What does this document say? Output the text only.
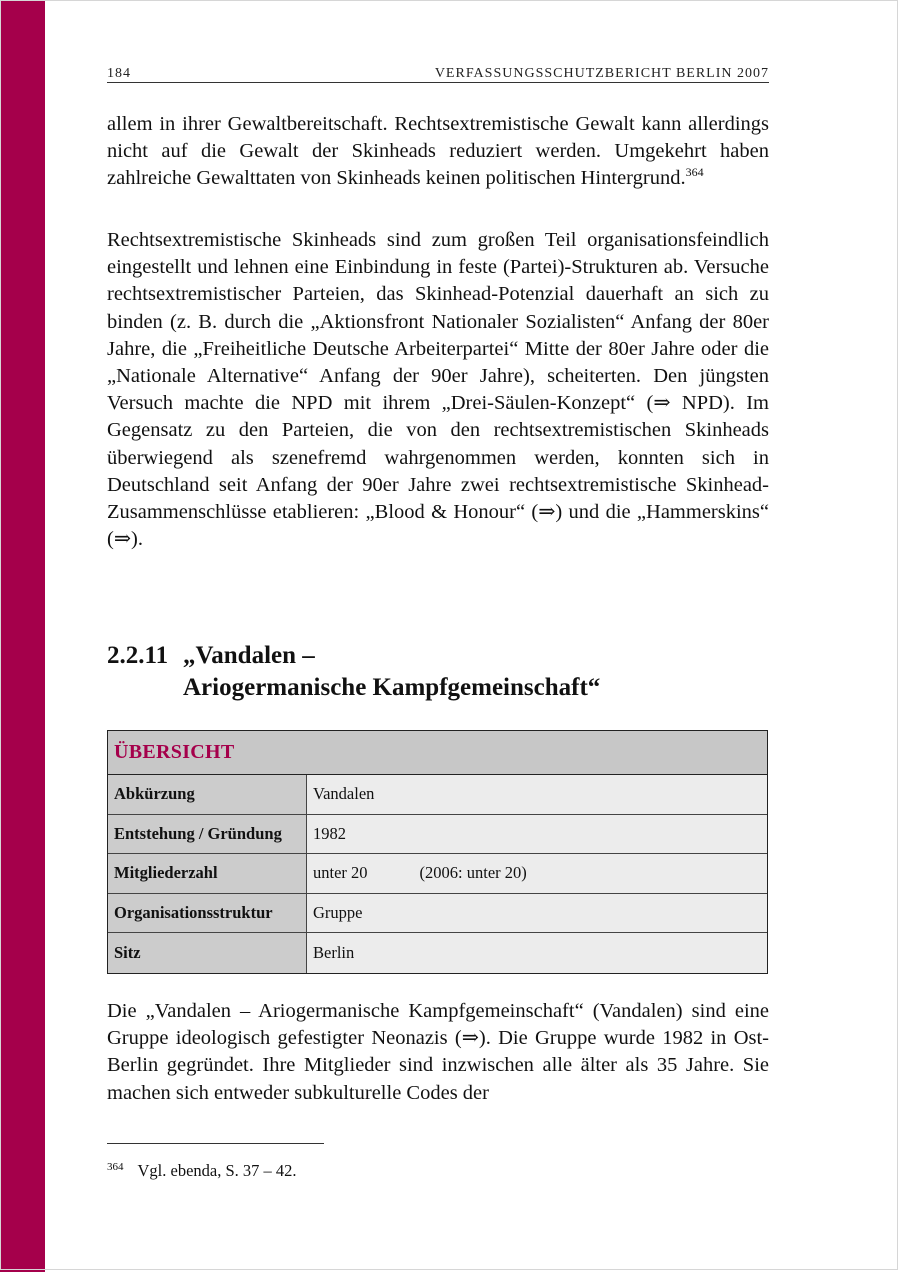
184	VERFASSUNGSSCHUTZBERICHT BERLIN 2007

allem in ihrer Gewaltbereitschaft. Rechtsextremistische Gewalt kann allerdings nicht auf die Gewalt der Skinheads reduziert werden. Umgekehrt haben zahlreiche Gewalttaten von Skinheads keinen politischen Hintergrund.$^{364}$

Rechtsextremistische Skinheads sind zum großen Teil organisationsfeindlich eingestellt und lehnen eine Einbindung in feste (Partei)-Strukturen ab. Versuche rechtsextremistischer Parteien, das Skinhead-Potenzial dauerhaft an sich zu binden (z. B. durch die „Aktionsfront Nationaler Sozialisten“ Anfang der 80er Jahre, die „Freiheitliche Deutsche Arbeiterpartei“ Mitte der 80er Jahre oder die „Nationale Alternative“ Anfang der 90er Jahre), scheiterten. Den jüngsten Versuch machte die NPD mit ihrem „Drei-Säulen-Konzept“ (⇒ NPD). Im Gegensatz zu den Parteien, die von den rechtsextremistischen Skinheads überwiegend als szenefremd wahrgenommen werden, konnten sich in Deutschland seit Anfang der 90er Jahre zwei rechtsextremistische Skinhead-Zusammenschlüsse etablieren: „Blood & Honour“ (⇒) und die „Hammerskins“ (⇒).

2.2.11 „Vandalen –
Ariogermanische Kampfgemeinschaft“
ÜBERSICHT
Abkürzung	Vandalen
Entstehung / Gründung	1982
Mitgliederzahl	unter 20	(2006: unter 20)
Organisationsstruktur	Gruppe
Sitz	Berlin

Die „Vandalen – Ariogermanische Kampfgemeinschaft“ (Vandalen) sind eine Gruppe ideologisch gefestigter Neonazis (⇒). Die Gruppe wurde 1982 in Ost-Berlin gegründet. Ihre Mitglieder sind inzwischen alle älter als 35 Jahre. Sie machen sich entweder subkulturelle Codes der

$^{364}$ Vgl. ebenda, S. 37 – 42.
